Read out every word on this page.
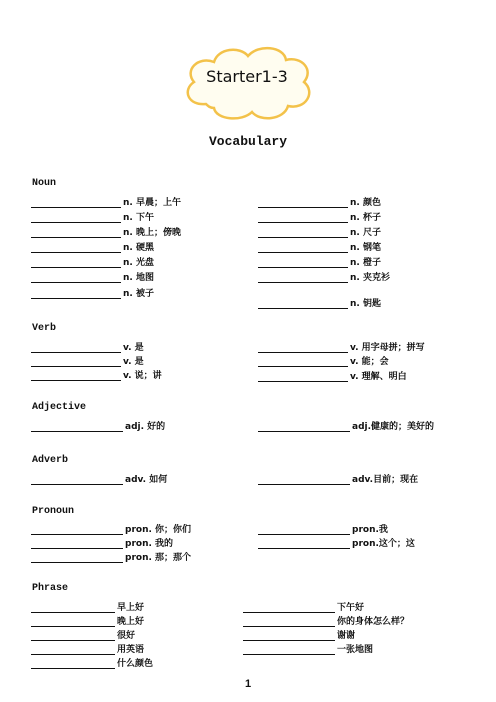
Starter1-3
Vocabulary
Noun
n. 早晨；上午
n. 下午
n. 晚上；傍晚
n. 硬黑
n. 光盘
n. 地图
n. 被子
n. 颜色
n. 杯子
n. 尺子
n. 钢笔
n. 橙子
n. 夹克衫
n. 钥匙
Verb
v. 是
v. 是
v. 说；讲
v. 用字母拼；拼写
v. 能；会
v. 理解、明白
Adjective
adj. 好的	adj.健康的；美好的
Adverb
adv. 如何	adv.目前；现在
Pronoun
pron. 你；你们
pron. 我的
pron. 那；那个
pron.我
pron.这个；这
Phrase
早上好
晚上好
很好
用英语
什么颜色
下午好
你的身体怎么样？
谢谢
一张地图
1
